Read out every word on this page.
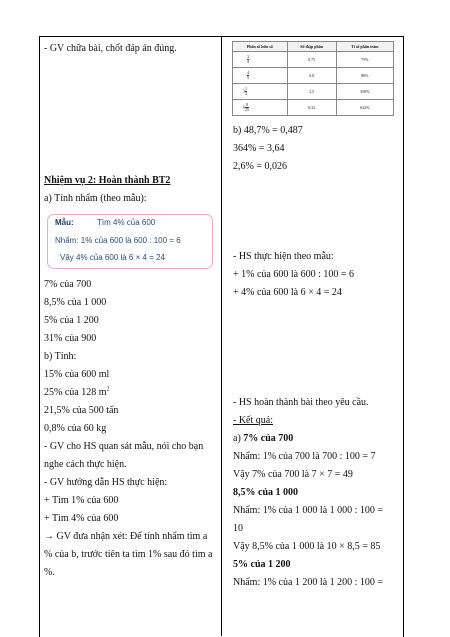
- GV chữa bài, chốt đáp án đúng.
Nhiệm vụ 2: Hoàn thành BT2
a) Tính nhẩm (theo mẫu):
Mẫu:	Tìm 4% của 600
Nhẩm: 1% của 600 là 600 : 100 = 6
Vậy 4% của 600 là 6 × 4 = 24
7% của 700
8,5% của 1 000
5% của 1 200
31% của 900
b) Tính:
15% của 600 ml
25% của 128 $m^2$
21,5% của 500 tấn
0,8% của 60 kg
- GV cho HS quan sát mẫu, nói cho bạn
nghe cách thực hiện.
- GV hướng dẫn HS thực hiện:
+ Tìm 1% của 600
+ Tìm 4% của 600
→ GV đưa nhận xét: Để tính nhẩm tìm a
% của b, trước tiên ta tìm 1% sau đó tìm a
%.
Phân số hữu số	Số thập phân	Tỉ số phần trăm

$\frac{3}{4}$	0,75	75%

$\frac{4}{5}$	0,8	80%
$3 \frac{1}{2}$	3,5	350%
$6 \frac{8}{25}$	6,32	632%
b) 48,7% = 0,487
364% = 3,64
2,6% = 0,026
- HS thực hiện theo mẫu:
+ 1% của 600 là 600 : 100 = 6
+ 4% của 600 là 6 × 4 = 24
- HS hoàn thành bài theo yêu cầu.
- Kết quả:
a) 7% của 700
Nhẩm: 1% của 700 là 700 : 100 = 7
Vậy 7% của 700 là 7 × 7 = 49
8,5% của 1 000
Nhẩm: 1% của 1 000 là 1 000 : 100 =
10
Vậy 8,5% của 1 000 là 10 × 8,5 = 85
5% của 1 200
Nhẩm: 1% của 1 200 là 1 200 : 100 =
